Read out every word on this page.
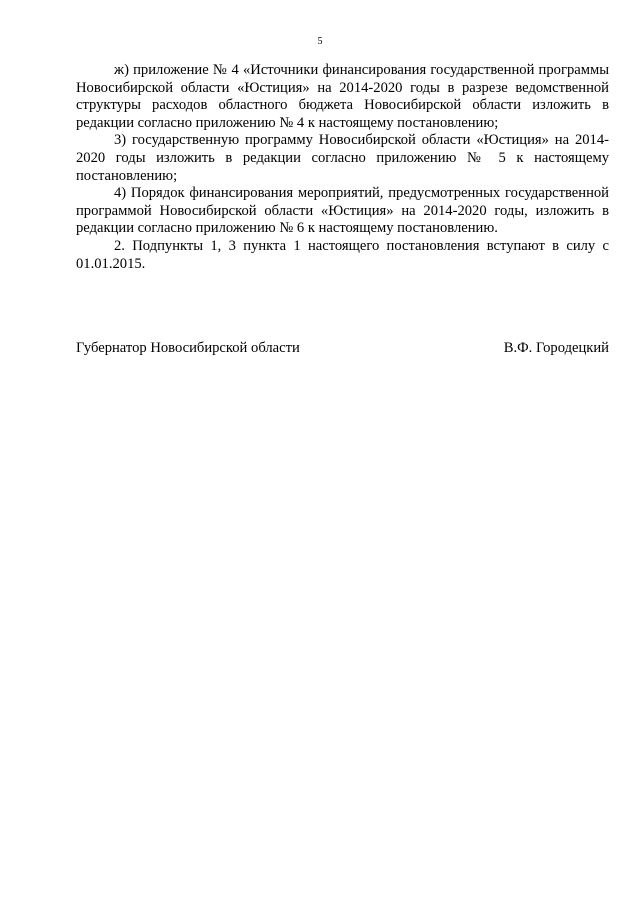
5

ж) приложение № 4 «Источники финансирования государственной программы Новосибирской области «Юстиция» на 2014-2020 годы в разрезе ведомственной структуры расходов областного бюджета Новосибирской области изложить в редакции согласно приложению № 4 к настоящему постановлению;

3) государственную программу Новосибирской области «Юстиция» на 2014-2020 годы изложить в редакции согласно приложению № 5 к настоящему постановлению;

4) Порядок финансирования мероприятий, предусмотренных государственной программой Новосибирской области «Юстиция» на 2014-2020 годы, изложить в редакции согласно приложению № 6 к настоящему постановлению.

2. Подпункты 1, 3 пункта 1 настоящего постановления вступают в силу с 01.01.2015.

Губернатор Новосибирской области	В.Ф. Городецкий
